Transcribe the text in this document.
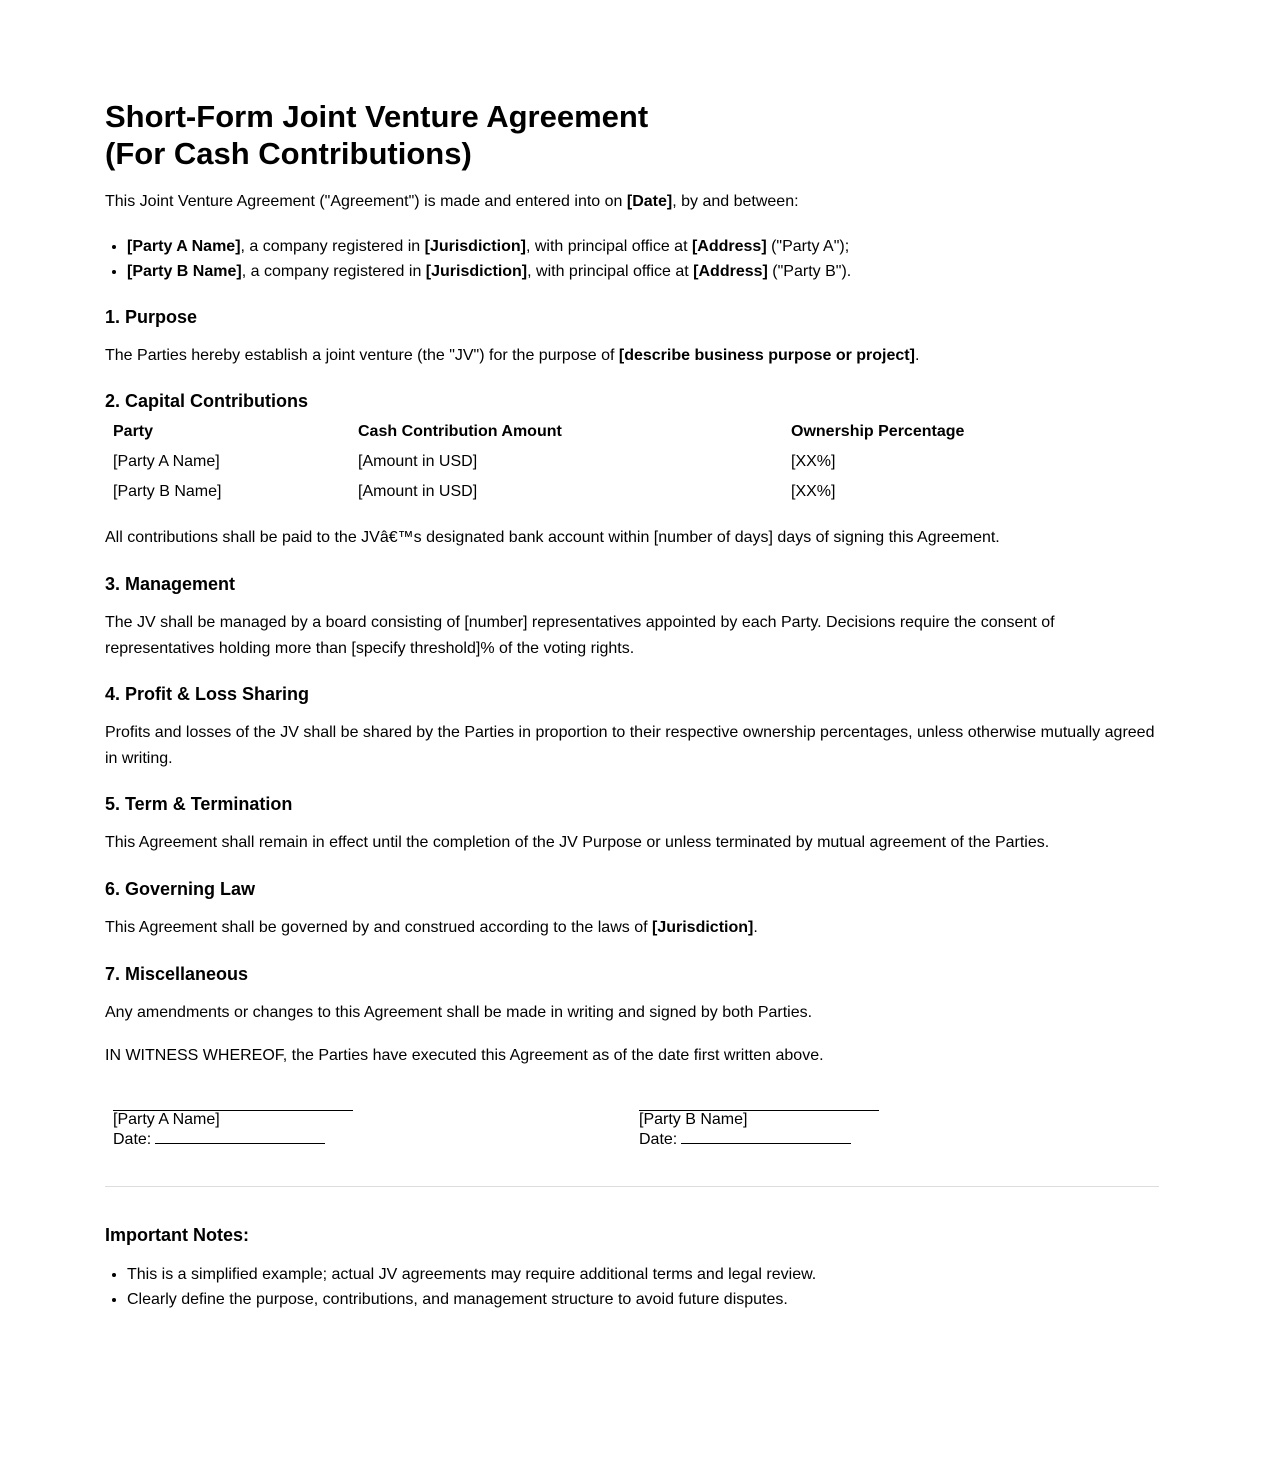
Short-Form Joint Venture Agreement
(For Cash Contributions)

This Joint Venture Agreement ("Agreement") is made and entered into on [Date], by and between:

• [Party A Name], a company registered in [Jurisdiction], with principal office at [Address] ("Party A");
• [Party B Name], a company registered in [Jurisdiction], with principal office at [Address] ("Party B").
1. Purpose

The Parties hereby establish a joint venture (the "JV") for the purpose of [describe business purpose or project].

2. Capital Contributions
Party	Cash Contribution Amount	Ownership Percentage
[Party A Name]	[Amount in USD]	[XX%]
[Party B Name]	[Amount in USD]	[XX%]

All contributions shall be paid to the JVâ€™s designated bank account within [number of days] days of signing this Agreement.

3. Management

The JV shall be managed by a board consisting of [number] representatives appointed by each Party. Decisions require the consent of
representatives holding more than [specify threshold]% of the voting rights.

4. Profit & Loss Sharing

Profits and losses of the JV shall be shared by the Parties in proportion to their respective ownership percentages, unless otherwise mutually agreed
in writing.

5. Term & Termination

This Agreement shall remain in effect until the completion of the JV Purpose or unless terminated by mutual agreement of the Parties.

6. Governing Law

This Agreement shall be governed by and construed according to the laws of [Jurisdiction].

7. Miscellaneous

Any amendments or changes to this Agreement shall be made in writing and signed by both Parties.

IN WITNESS WHEREOF, the Parties have executed this Agreement as of the date first written above.

[Party A Name]
Date:
[Party B Name]
Date:
Important Notes:
• This is a simplified example; actual JV agreements may require additional terms and legal review.
• Clearly define the purpose, contributions, and management structure to avoid future disputes.
